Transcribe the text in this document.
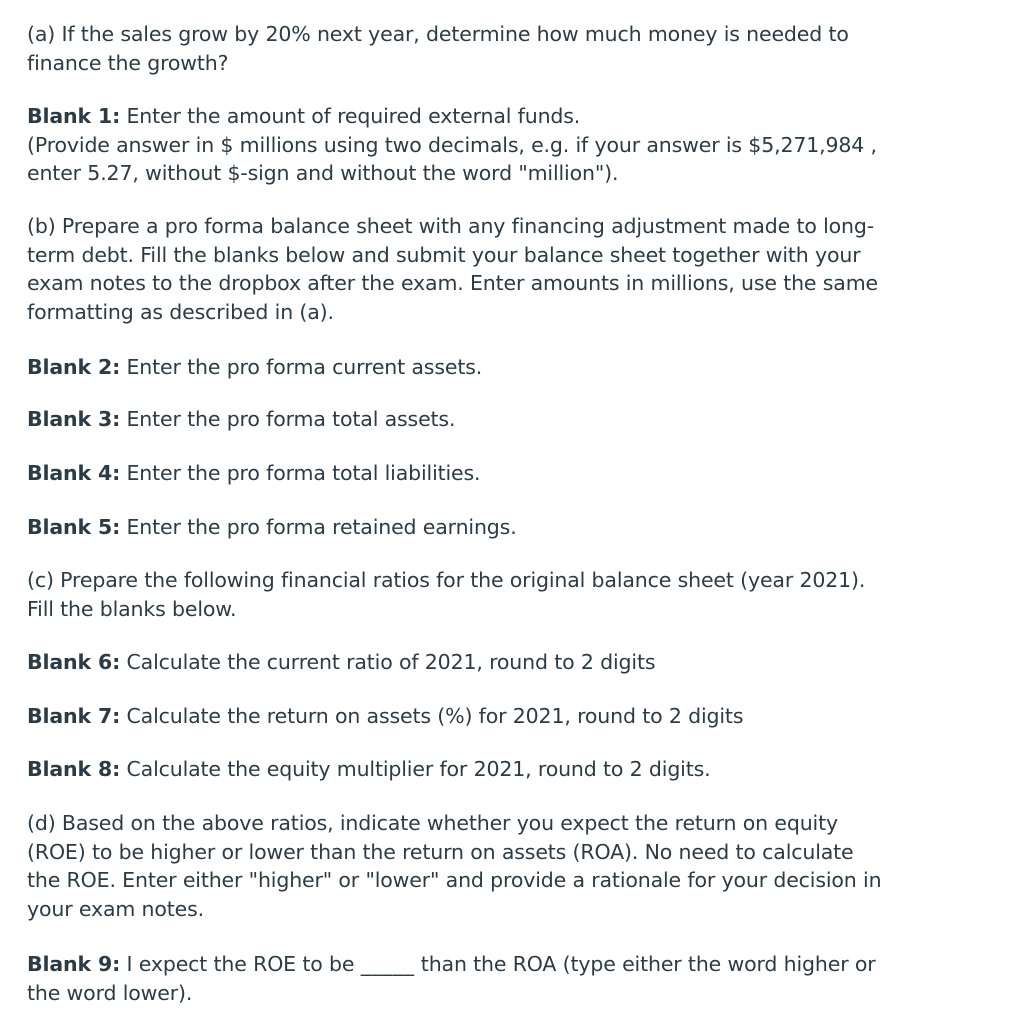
(a) If the sales grow by 20% next year, determine how much money is needed to
finance the growth?

Blank 1: Enter the amount of required external funds.
(Provide answer in $ millions using two decimals, e.g. if your answer is $5,271,984 ,
enter 5.27, without $-sign and without the word "million").

(b) Prepare a pro forma balance sheet with any financing adjustment made to long-
term debt. Fill the blanks below and submit your balance sheet together with your
exam notes to the dropbox after the exam. Enter amounts in millions, use the same
formatting as described in (a).

Blank 2: Enter the pro forma current assets.

Blank 3: Enter the pro forma total assets.

Blank 4: Enter the pro forma total liabilities.

Blank 5: Enter the pro forma retained earnings.

(c) Prepare the following financial ratios for the original balance sheet (year 2021).
Fill the blanks below.

Blank 6: Calculate the current ratio of 2021, round to 2 digits

Blank 7: Calculate the return on assets (%) for 2021, round to 2 digits

Blank 8: Calculate the equity multiplier for 2021, round to 2 digits.

(d) Based on the above ratios, indicate whether you expect the return on equity
(ROE) to be higher or lower than the return on assets (ROA). No need to calculate
the ROE. Enter either "higher" or "lower" and provide a rationale for your decision in
your exam notes.

Blank 9: I expect the ROE to be _____ than the ROA (type either the word higher or
the word lower).
